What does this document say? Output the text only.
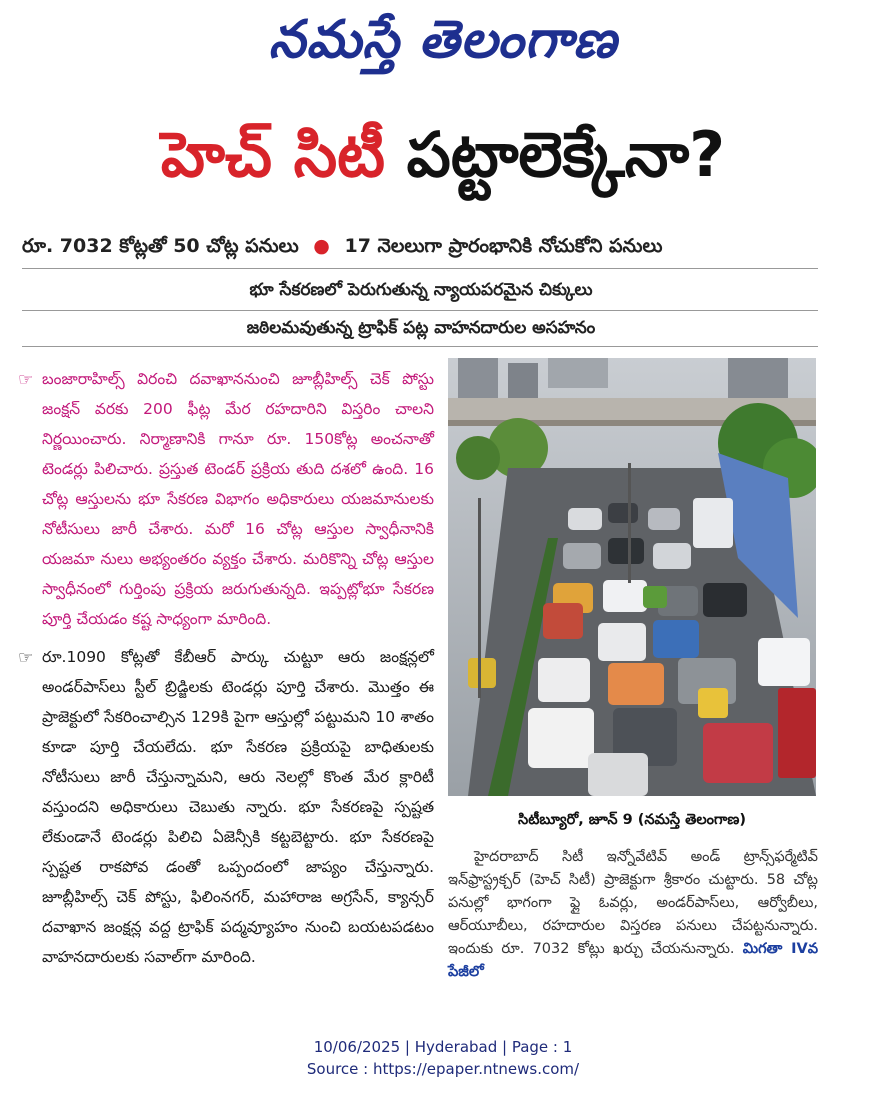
నమస్తే తెలంగాణ
హెచ్ సిటీ పట్టాలెక్కేనా?
రూ. 7032 కోట్లతో 50 చోట్ల పనులు ● 17 నెలలుగా ప్రారంభానికి నోచుకోని పనులు
భూ సేకరణలో పెరుగుతున్న న్యాయపరమైన చిక్కులు
జఠిలమవుతున్న ట్రాఫిక్ పట్ల వాహనదారుల అసహనం

☞ బంజారాహిల్స్ విరంచి దవాఖాననుంచి జూబ్లీహిల్స్ చెక్ పోస్టు జంక్షన్ వరకు 200 ఫీట్ల మేర రహదారిని విస్తరిం చాలని నిర్ణయించారు. నిర్మాణానికి గానూ రూ. 150కోట్ల అంచనాతో టెండర్లు పిలిచారు. ప్రస్తుత టెండర్ ప్రక్రియ తుది దశలో ఉంది. 16 చోట్ల ఆస్తులను భూ సేకరణ విభాగం అధికారులు యజమానులకు నోటీసులు జారీ చేశారు. మరో 16 చోట్ల ఆస్తుల స్వాధీనానికి యజమా నులు అభ్యంతరం వ్యక్తం చేశారు. మరికొన్ని చోట్ల ఆస్తుల స్వాధీనంలో గుర్తింపు ప్రక్రియ జరుగుతున్నది. ఇప్పట్లోభూ సేకరణ పూర్తి చేయడం కష్ట సాధ్యంగా మారింది.

☞ రూ.1090 కోట్లతో కేబీఆర్ పార్కు చుట్టూ ఆరు జంక్షన్లలో అండర్‌పాస్‌లు స్టీల్ బ్రిడ్జిలకు టెండర్లు పూర్తి చేశారు. మొత్తం ఈ ప్రాజెక్టులో సేకరించాల్సిన 129కి పైగా ఆస్తుల్లో పట్టుమని 10 శాతం కూడా పూర్తి చేయలేదు. భూ సేకరణ ప్రక్రియపై బాధితులకు నోటీసులు జారీ చేస్తున్నామని, ఆరు నెలల్లో కొంత మేర క్లారిటీ వస్తుందని అధికారులు చెబుతు న్నారు. భూ సేకరణపై స్పష్టత లేకుండానే టెండర్లు పిలిచి ఏజెన్సీకి కట్టబెట్టారు. భూ సేకరణపై స్పష్టత రాకపోవ డంతో ఒప్పందంలో జాప్యం చేస్తున్నారు. జూబ్లీహిల్స్ చెక్ పోస్టు, ఫిలింనగర్, మహారాజ అగ్రసేన్, క్యాన్సర్ దవాఖాన జంక్షన్ల వద్ద ట్రాఫిక్ పద్మవ్యూహం నుంచి బయటపడటం వాహనదారులకు సవాల్‌గా మారింది.

సిటీబ్యూరో, జూన్ 9 (నమస్తే తెలంగాణ)
హైదరాబాద్ సిటీ ఇన్నోవేటివ్ అండ్ ట్రాన్స్‌ఫర్మేటివ్ ఇన్‌ఫ్రాస్ట్రక్చర్ (హెచ్ సిటీ) ప్రాజెక్టుగా శ్రీకారం చుట్టారు. 58 చోట్ల పనుల్లో భాగంగా ఫ్లై ఓవర్లు, అండర్‌పాస్‌లు, ఆర్వోబీలు, ఆర్‌యూబీలు, రహదారుల విస్తరణ పనులు చేపట్టనున్నారు. ఇందుకు రూ. 7032 కోట్లు ఖర్చు చేయనున్నారు. మిగతా IVవ పేజీలో
10/06/2025 | Hyderabad | Page : 1
Source : https://epaper.ntnews.com/
